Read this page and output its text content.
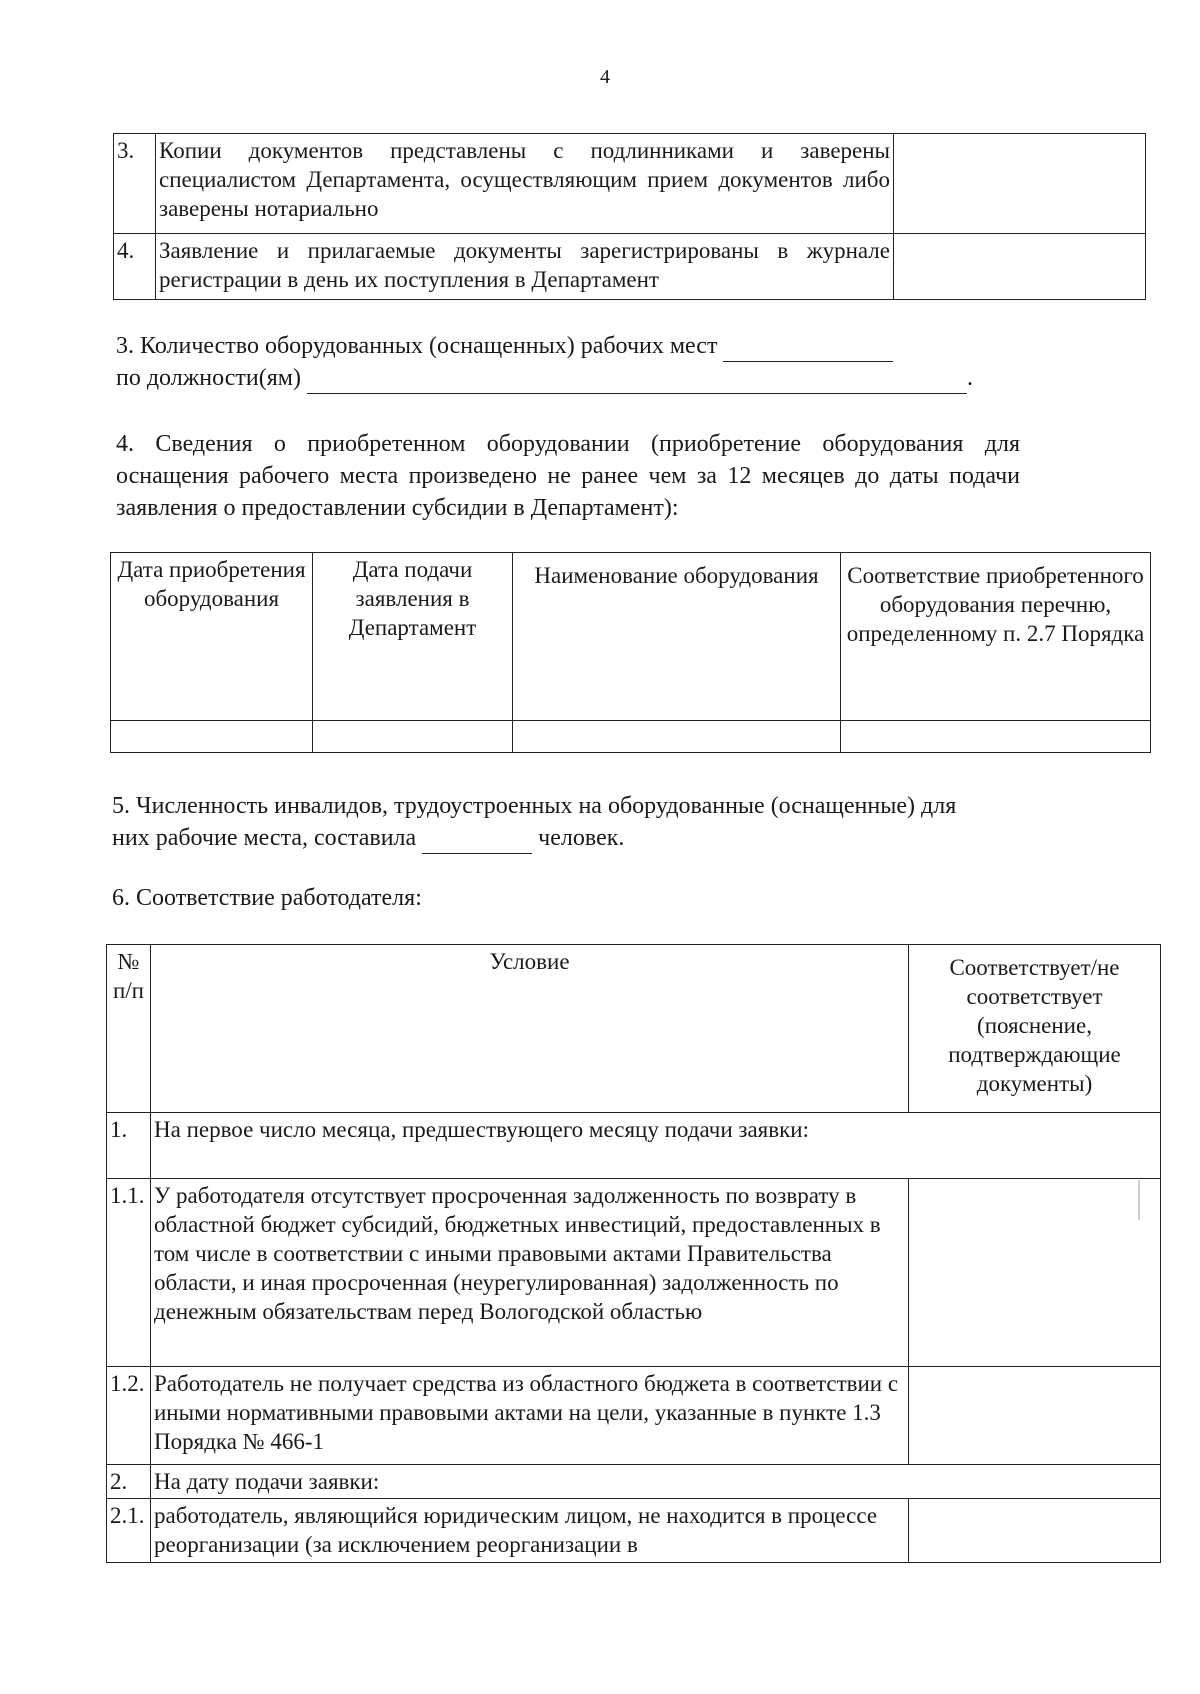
4
3.	Копии документов представлены с подлинниками и заверены специалистом Департамента, осуществляющим прием документов либо заверены нотариально	
4.	Заявление и прилагаемые документы зарегистрированы в журнале регистрации в день их поступления в Департамент	
3. Количество оборудованных (оснащенных) рабочих мест
по должности(ям)	.
4. Сведения о приобретенном оборудовании (приобретение оборудования для оснащения рабочего места произведено не ранее чем за 12 месяцев до даты подачи заявления о предоставлении субсидии в Департамент):
Дата приобретения оборудования	Дата подачи заявления в Департамент	Наименование оборудования	Соответствие приобретенного оборудования перечню, определенному п. 2.7 Порядка

5. Численность инвалидов, трудоустроенных на оборудованные (оснащенные) для
них рабочие места, составила	человек.
6. Соответствие работодателя:
№ п/п	Условие	Соответствует/не соответствует (пояснение, подтверждающие документы)
1.	На первое число месяца, предшествующего месяцу подачи заявки:	
1.1.	У работодателя отсутствует просроченная задолженность по возврату в областной бюджет субсидий, бюджетных инвестиций, предоставленных в том числе в соответствии с иными правовыми актами Правительства области, и иная просроченная (неурегулированная) задолженность по денежным обязательствам перед Вологодской областью	
1.2.	Работодатель не получает средства из областного бюджета в соответствии с иными нормативными правовыми актами на цели, указанные в пункте 1.3 Порядка № 466-1	
2.	На дату подачи заявки:	
2.1.	работодатель, являющийся юридическим лицом, не находится в процессе реорганизации (за исключением реорганизации в	
